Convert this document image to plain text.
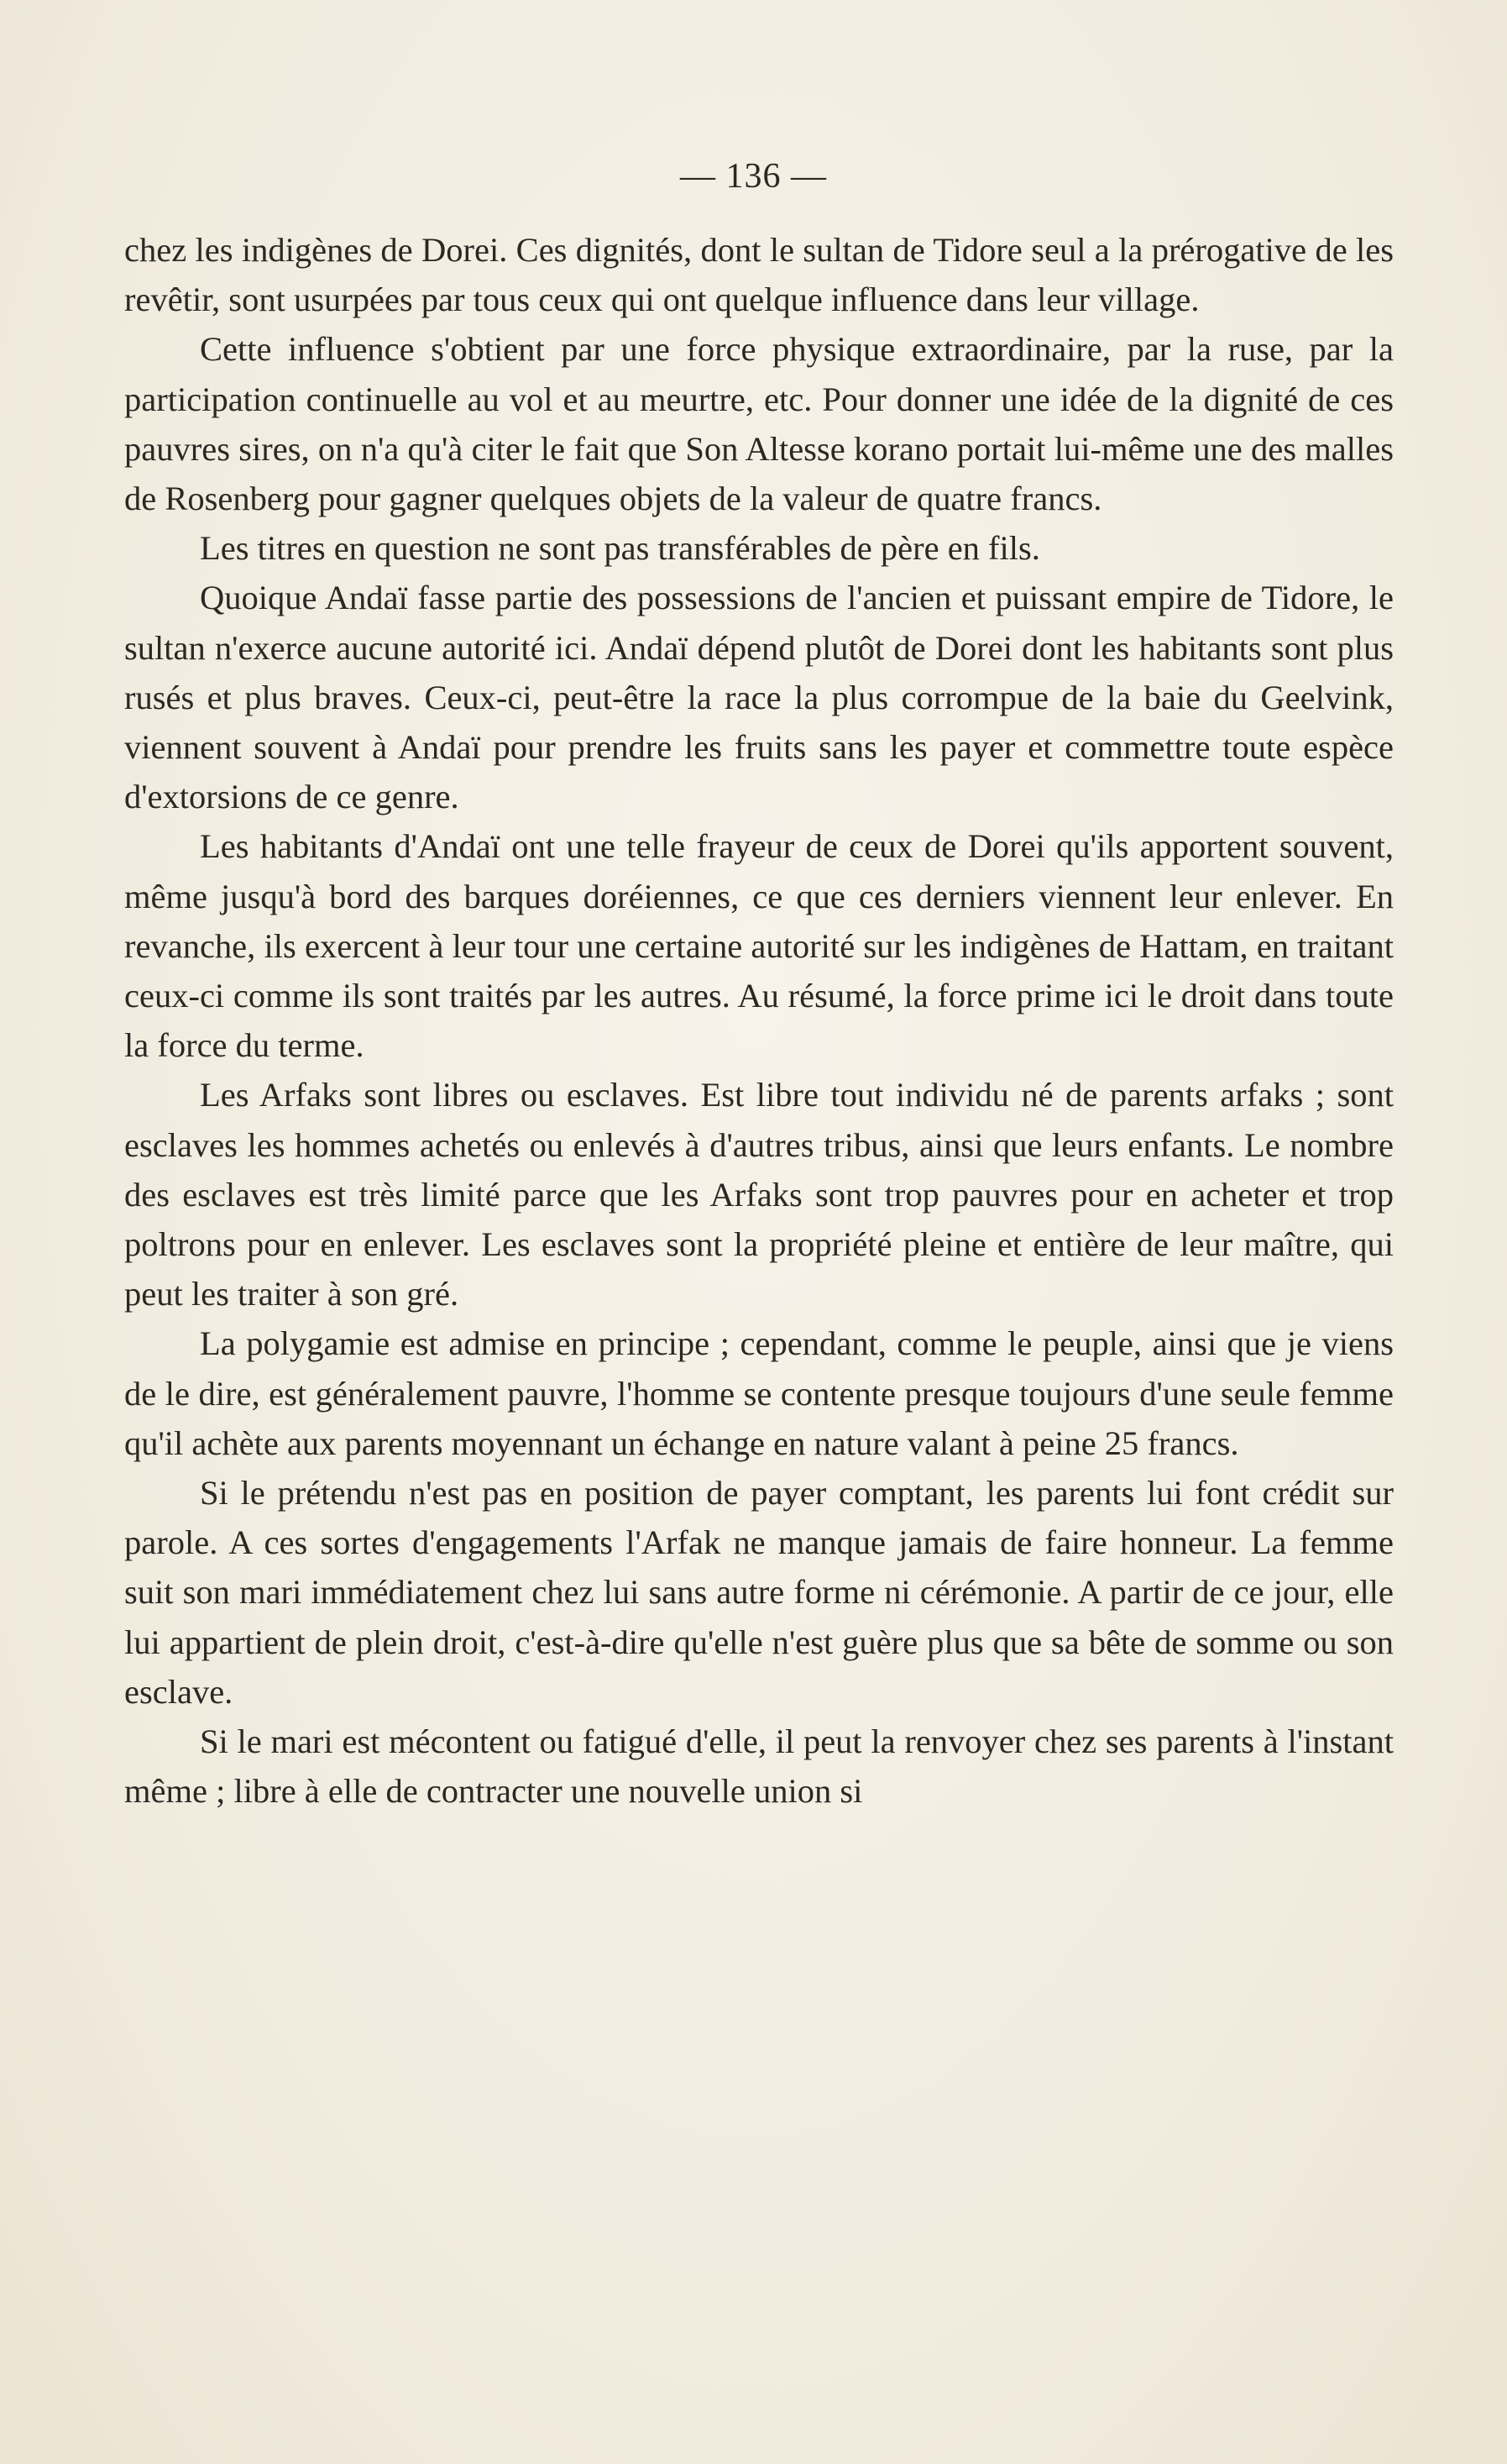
— 136 —

chez les indigènes de Dorei. Ces dignités, dont le sultan de Tidore seul a la prérogative de les revêtir, sont usurpées par tous ceux qui ont quelque influence dans leur village.

Cette influence s'obtient par une force physique extraordinaire, par la ruse, par la participation continuelle au vol et au meurtre, etc. Pour donner une idée de la dignité de ces pauvres sires, on n'a qu'à citer le fait que Son Altesse korano portait lui-même une des malles de Rosenberg pour gagner quelques objets de la valeur de quatre francs.

Les titres en question ne sont pas transférables de père en fils.

Quoique Andaï fasse partie des possessions de l'ancien et puissant empire de Tidore, le sultan n'exerce aucune autorité ici. Andaï dépend plutôt de Dorei dont les habitants sont plus rusés et plus braves. Ceux-ci, peut-être la race la plus corrompue de la baie du Geelvink, viennent souvent à Andaï pour prendre les fruits sans les payer et commettre toute espèce d'extorsions de ce genre.

Les habitants d'Andaï ont une telle frayeur de ceux de Dorei qu'ils apportent souvent, même jusqu'à bord des barques doréiennes, ce que ces derniers viennent leur enlever. En revanche, ils exercent à leur tour une certaine autorité sur les indigènes de Hattam, en traitant ceux-ci comme ils sont traités par les autres. Au résumé, la force prime ici le droit dans toute la force du terme.

Les Arfaks sont libres ou esclaves. Est libre tout individu né de parents arfaks ; sont esclaves les hommes achetés ou enlevés à d'autres tribus, ainsi que leurs enfants. Le nombre des esclaves est très limité parce que les Arfaks sont trop pauvres pour en acheter et trop poltrons pour en enlever. Les esclaves sont la propriété pleine et entière de leur maître, qui peut les traiter à son gré.

La polygamie est admise en principe ; cependant, comme le peuple, ainsi que je viens de le dire, est généralement pauvre, l'homme se contente presque toujours d'une seule femme qu'il achète aux parents moyennant un échange en nature valant à peine 25 francs.

Si le prétendu n'est pas en position de payer comptant, les parents lui font crédit sur parole. A ces sortes d'engagements l'Arfak ne manque jamais de faire honneur. La femme suit son mari immédiatement chez lui sans autre forme ni cérémonie. A partir de ce jour, elle lui appartient de plein droit, c'est-à-dire qu'elle n'est guère plus que sa bête de somme ou son esclave.

Si le mari est mécontent ou fatigué d'elle, il peut la renvoyer chez ses parents à l'instant même ; libre à elle de contracter une nouvelle union si
